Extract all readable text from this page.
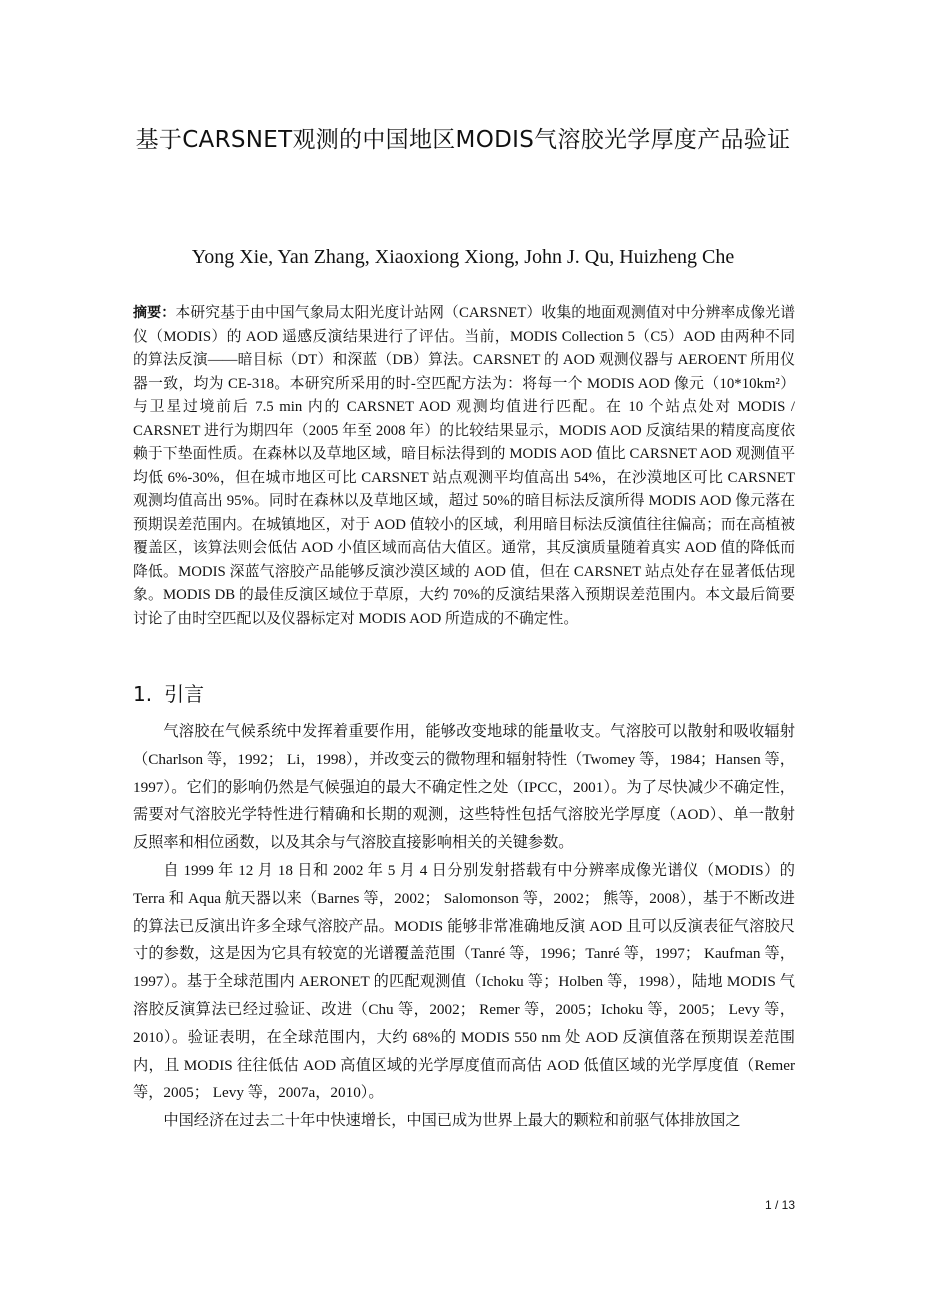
基于CARSNET观测的中国地区MODIS气溶胶光学厚度产品验证
Yong Xie, Yan Zhang, Xiaoxiong Xiong, John J. Qu, Huizheng Che
摘要：本研究基于由中国气象局太阳光度计站网（CARSNET）收集的地面观测值对中分辨率成像光谱仪（MODIS）的 AOD 遥感反演结果进行了评估。当前，MODIS Collection 5（C5）AOD 由两种不同的算法反演——暗目标（DT）和深蓝（DB）算法。CARSNET 的 AOD 观测仪器与 AEROENT 所用仪器一致，均为 CE-318。本研究所采用的时-空匹配方法为：将每一个 MODIS AOD 像元（10*10km²）与卫星过境前后 7.5 min 内的 CARSNET AOD 观测均值进行匹配。在 10 个站点处对 MODIS / CARSNET 进行为期四年（2005 年至 2008 年）的比较结果显示，MODIS AOD 反演结果的精度高度依赖于下垫面性质。在森林以及草地区域，暗目标法得到的 MODIS AOD 值比 CARSNET AOD 观测值平均低 6%-30%，但在城市地区可比 CARSNET 站点观测平均值高出 54%，在沙漠地区可比 CARSNET 观测均值高出 95%。同时在森林以及草地区域，超过 50%的暗目标法反演所得 MODIS AOD 像元落在预期误差范围内。在城镇地区，对于 AOD 值较小的区域，利用暗目标法反演值往往偏高；而在高植被覆盖区，该算法则会低估 AOD 小值区域而高估大值区。通常，其反演质量随着真实 AOD 值的降低而降低。MODIS 深蓝气溶胶产品能够反演沙漠区域的 AOD 值，但在 CARSNET 站点处存在显著低估现象。MODIS DB 的最佳反演区域位于草原，大约 70%的反演结果落入预期误差范围内。本文最后简要讨论了由时空匹配以及仪器标定对 MODIS AOD 所造成的不确定性。
1. 引言

气溶胶在气候系统中发挥着重要作用，能够改变地球的能量收支。气溶胶可以散射和吸收辐射（Charlson 等，1992； Li，1998），并改变云的微物理和辐射特性（Twomey 等，1984；Hansen 等，1997）。它们的影响仍然是气候强迫的最大不确定性之处（IPCC，2001）。为了尽快减少不确定性，需要对气溶胶光学特性进行精确和长期的观测，这些特性包括气溶胶光学厚度（AOD）、单一散射反照率和相位函数，以及其余与气溶胶直接影响相关的关键参数。

自 1999 年 12 月 18 日和 2002 年 5 月 4 日分别发射搭载有中分辨率成像光谱仪（MODIS）的 Terra 和 Aqua 航天器以来（Barnes 等，2002； Salomonson 等，2002； 熊等，2008），基于不断改进的算法已反演出许多全球气溶胶产品。MODIS 能够非常准确地反演 AOD 且可以反演表征气溶胶尺寸的参数，这是因为它具有较宽的光谱覆盖范围（Tanré 等，1996；Tanré 等，1997； Kaufman 等，1997）。基于全球范围内 AERONET 的匹配观测值（Ichoku 等；Holben 等，1998），陆地 MODIS 气溶胶反演算法已经过验证、改进（Chu 等，2002； Remer 等，2005；Ichoku 等，2005； Levy 等，2010）。验证表明，在全球范围内，大约 68%的 MODIS 550 nm 处 AOD 反演值落在预期误差范围内，且 MODIS 往往低估 AOD 高值区域的光学厚度值而高估 AOD 低值区域的光学厚度值（Remer 等，2005； Levy 等，2007a，2010）。

中国经济在过去二十年中快速增长，中国已成为世界上最大的颗粒和前驱气体排放国之

1 / 13
